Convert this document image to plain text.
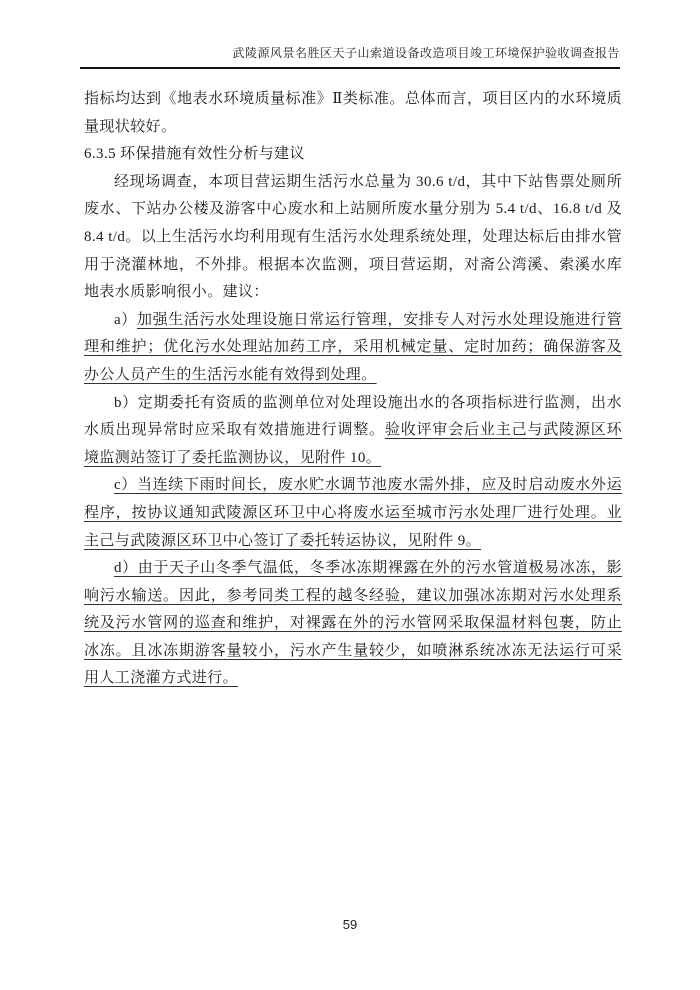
武陵源风景名胜区天子山索道设备改造项目竣工环境保护验收调查报告

指标均达到《地表水环境质量标准》Ⅱ类标准。总体而言，项目区内的水环境质量现状较好。

6.3.5 环保措施有效性分析与建议

经现场调查，本项目营运期生活污水总量为 30.6 t/d，其中下站售票处厕所废水、下站办公楼及游客中心废水和上站厕所废水量分别为 5.4 t/d、16.8 t/d 及 8.4 t/d。以上生活污水均利用现有生活污水处理系统处理，处理达标后由排水管用于浇灌林地，不外排。根据本次监测，项目营运期，对斋公湾溪、索溪水库地表水质影响很小。建议：

a）加强生活污水处理设施日常运行管理，安排专人对污水处理设施进行管理和维护；优化污水处理站加药工序，采用机械定量、定时加药；确保游客及办公人员产生的生活污水能有效得到处理。

b）定期委托有资质的监测单位对处理设施出水的各项指标进行监测，出水水质出现异常时应采取有效措施进行调整。验收评审会后业主己与武陵源区环境监测站签订了委托监测协议，见附件 10。

c）当连续下雨时间长，废水贮水调节池废水需外排，应及时启动废水外运程序，按协议通知武陵源区环卫中心将废水运至城市污水处理厂进行处理。业主己与武陵源区环卫中心签订了委托转运协议，见附件 9。

d）由于天子山冬季气温低，冬季冰冻期裸露在外的污水管道极易冰冻，影响污水输送。因此，参考同类工程的越冬经验，建议加强冰冻期对污水处理系统及污水管网的巡查和维护，对裸露在外的污水管网采取保温材料包裹，防止冰冻。且冰冻期游客量较小，污水产生量较少，如喷淋系统冰冻无法运行可采用人工浇灌方式进行。

59
